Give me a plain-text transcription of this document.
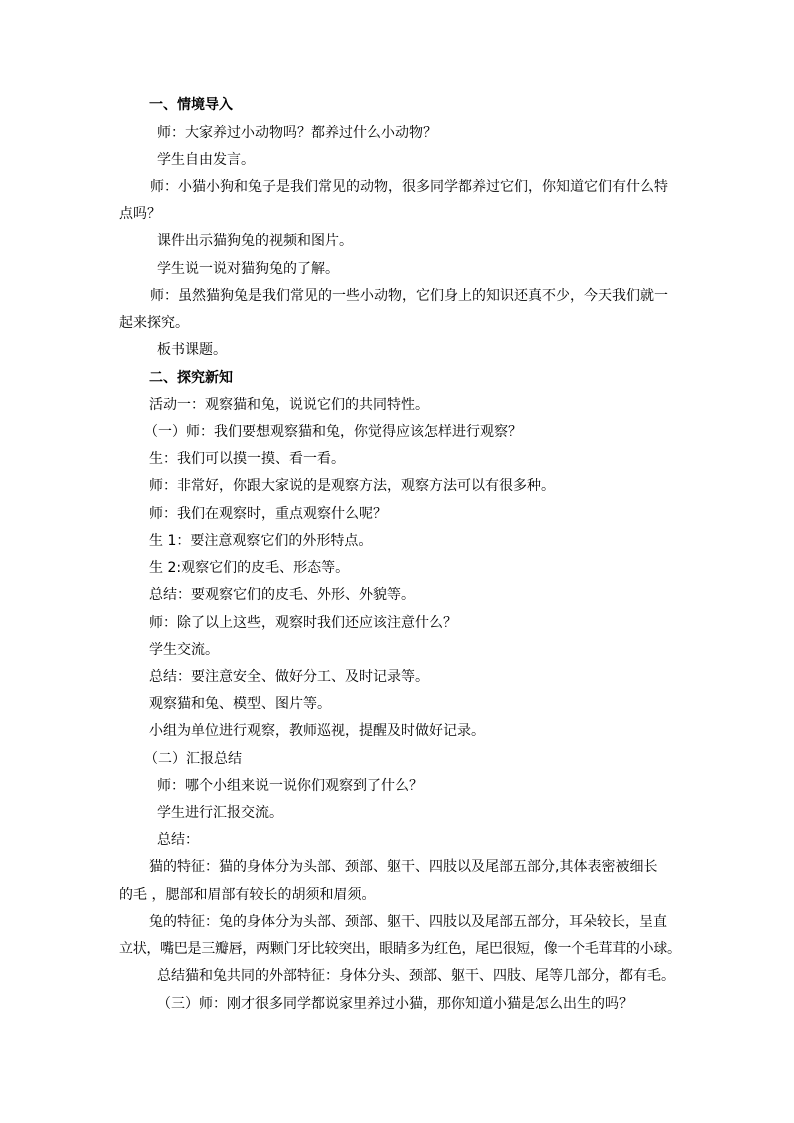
一、情境导入
师：大家养过小动物吗？都养过什么小动物？
学生自由发言。
师：小猫小狗和兔子是我们常见的动物，很多同学都养过它们，你知道它们有什么特
点吗？
课件出示猫狗兔的视频和图片。
学生说一说对猫狗兔的了解。
师：虽然猫狗兔是我们常见的一些小动物，它们身上的知识还真不少，今天我们就一
起来探究。
板书课题。
二、探究新知
活动一：观察猫和兔，说说它们的共同特性。
（一）师：我们要想观察猫和兔，你觉得应该怎样进行观察？
生：我们可以摸一摸、看一看。
师：非常好，你跟大家说的是观察方法，观察方法可以有很多种。
师：我们在观察时，重点观察什么呢？
生 1：要注意观察它们的外形特点。
生 2:观察它们的皮毛、形态等。
总结：要观察它们的皮毛、外形、外貌等。
师：除了以上这些，观察时我们还应该注意什么？
学生交流。
总结：要注意安全、做好分工、及时记录等。
观察猫和兔、模型、图片等。
小组为单位进行观察，教师巡视，提醒及时做好记录。
（二）汇报总结
师：哪个小组来说一说你们观察到了什么？
学生进行汇报交流。
总结：
猫的特征：猫的身体分为头部、颈部、躯干、四肢以及尾部五部分,其体表密被细长
的毛 ，腮部和眉部有较长的胡须和眉须。
兔的特征：兔的身体分为头部、颈部、躯干、四肢以及尾部五部分，耳朵较长，呈直
立状，嘴巴是三瓣唇，两颗门牙比较突出，眼睛多为红色，尾巴很短，像一个毛茸茸的小球。
总结猫和兔共同的外部特征：身体分头、颈部、躯干、四肢、尾等几部分，都有毛。
（三）师：刚才很多同学都说家里养过小猫，那你知道小猫是怎么出生的吗？
